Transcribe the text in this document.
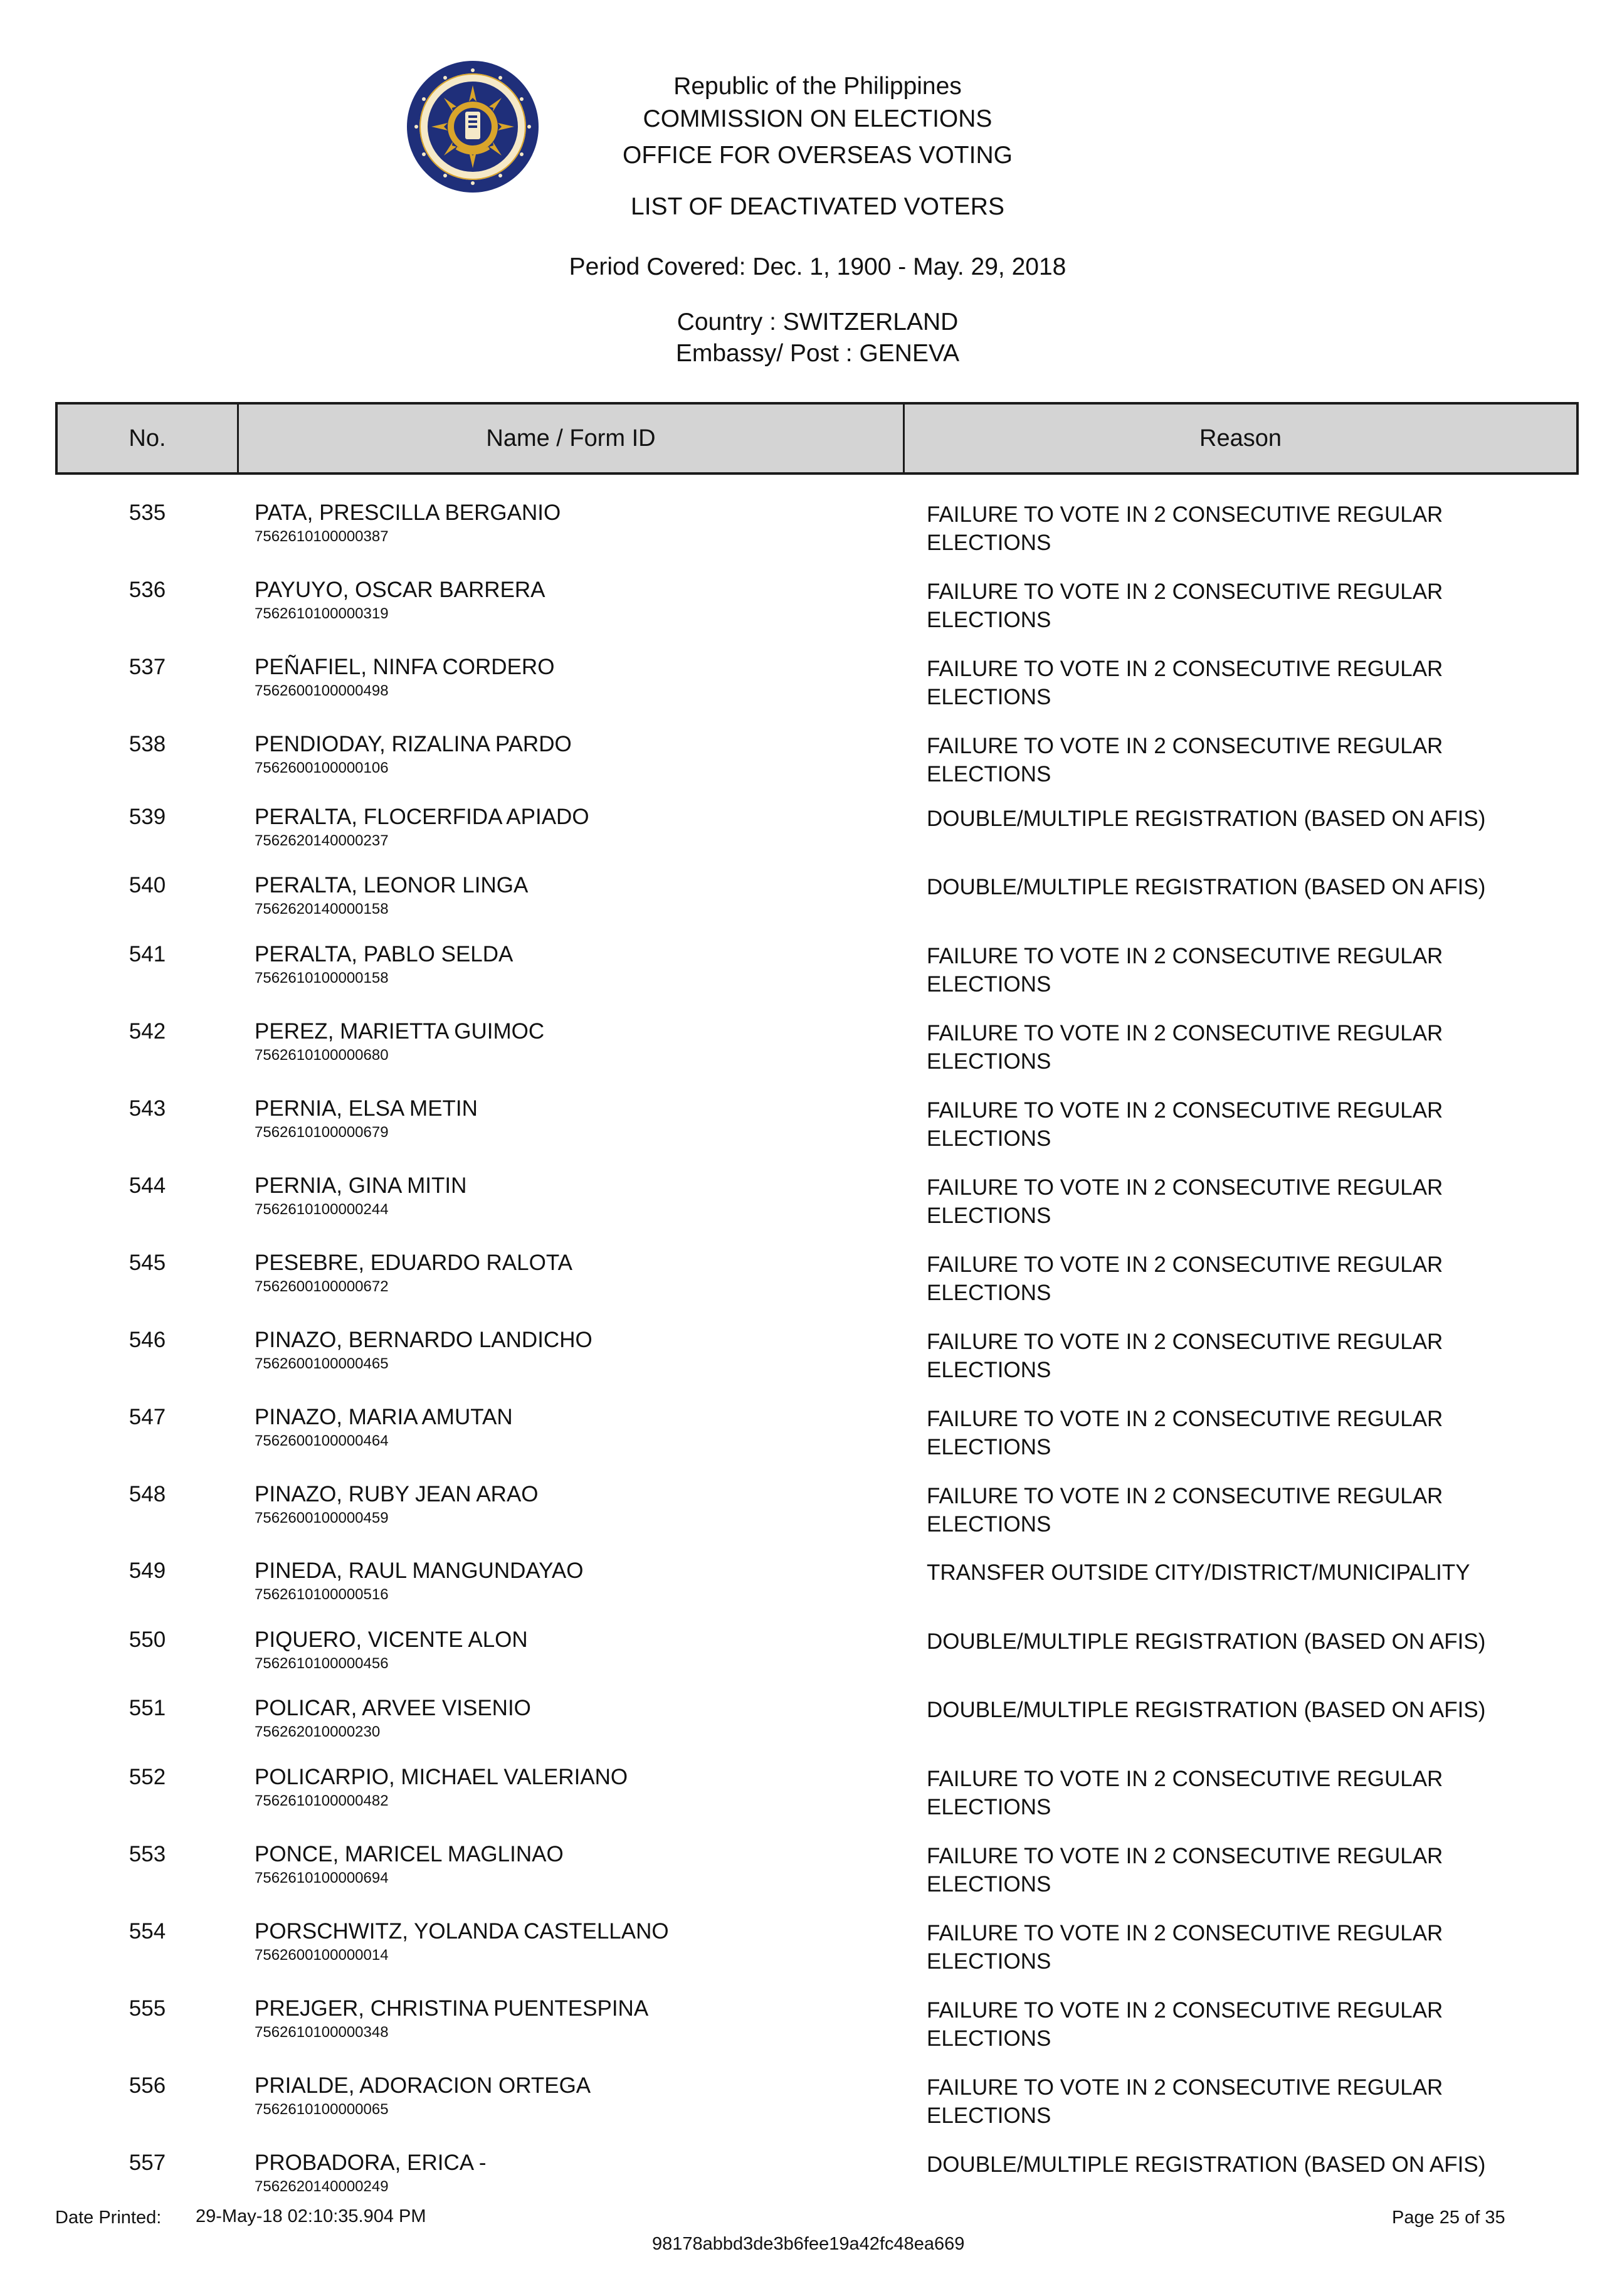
Republic of the Philippines

COMMISSION ON ELECTIONS

OFFICE FOR OVERSEAS VOTING

LIST OF DEACTIVATED VOTERS

Period Covered: Dec. 1, 1900 - May. 29, 2018

Country : SWITZERLAND

Embassy/ Post : GENEVA

No.	Name / Form ID	Reason
535	PATA, PRESCILLA BERGANIO
7562610100000387
FAILURE TO VOTE IN 2 CONSECUTIVE REGULAR
ELECTIONS
536	PAYUYO, OSCAR BARRERA
7562610100000319
FAILURE TO VOTE IN 2 CONSECUTIVE REGULAR
ELECTIONS
537	PEÑAFIEL, NINFA CORDERO
7562600100000498
FAILURE TO VOTE IN 2 CONSECUTIVE REGULAR
ELECTIONS
538	PENDIODAY, RIZALINA PARDO
7562600100000106
FAILURE TO VOTE IN 2 CONSECUTIVE REGULAR
ELECTIONS
539	PERALTA, FLOCERFIDA APIADO
7562620140000237
DOUBLE/MULTIPLE REGISTRATION (BASED ON AFIS)
540	PERALTA, LEONOR LINGA
7562620140000158
DOUBLE/MULTIPLE REGISTRATION (BASED ON AFIS)
541	PERALTA, PABLO SELDA
7562610100000158
FAILURE TO VOTE IN 2 CONSECUTIVE REGULAR
ELECTIONS
542	PEREZ, MARIETTA GUIMOC
7562610100000680
FAILURE TO VOTE IN 2 CONSECUTIVE REGULAR
ELECTIONS
543	PERNIA, ELSA METIN
7562610100000679
FAILURE TO VOTE IN 2 CONSECUTIVE REGULAR
ELECTIONS
544	PERNIA, GINA MITIN
7562610100000244
FAILURE TO VOTE IN 2 CONSECUTIVE REGULAR
ELECTIONS
545	PESEBRE, EDUARDO RALOTA
7562600100000672
FAILURE TO VOTE IN 2 CONSECUTIVE REGULAR
ELECTIONS
546	PINAZO, BERNARDO LANDICHO
7562600100000465
FAILURE TO VOTE IN 2 CONSECUTIVE REGULAR
ELECTIONS
547	PINAZO, MARIA AMUTAN
7562600100000464
FAILURE TO VOTE IN 2 CONSECUTIVE REGULAR
ELECTIONS
548	PINAZO, RUBY JEAN ARAO
7562600100000459
FAILURE TO VOTE IN 2 CONSECUTIVE REGULAR
ELECTIONS
549	PINEDA, RAUL MANGUNDAYAO
7562610100000516
TRANSFER OUTSIDE CITY/DISTRICT/MUNICIPALITY
550	PIQUERO, VICENTE ALON
7562610100000456
DOUBLE/MULTIPLE REGISTRATION (BASED ON AFIS)
551	POLICAR, ARVEE VISENIO
756262010000230
DOUBLE/MULTIPLE REGISTRATION (BASED ON AFIS)
552	POLICARPIO, MICHAEL VALERIANO
7562610100000482
FAILURE TO VOTE IN 2 CONSECUTIVE REGULAR
ELECTIONS
553	PONCE, MARICEL MAGLINAO
7562610100000694
FAILURE TO VOTE IN 2 CONSECUTIVE REGULAR
ELECTIONS
554	PORSCHWITZ, YOLANDA CASTELLANO
7562600100000014
FAILURE TO VOTE IN 2 CONSECUTIVE REGULAR
ELECTIONS
555	PREJGER, CHRISTINA PUENTESPINA
7562610100000348
FAILURE TO VOTE IN 2 CONSECUTIVE REGULAR
ELECTIONS
556	PRIALDE, ADORACION ORTEGA
7562610100000065
FAILURE TO VOTE IN 2 CONSECUTIVE REGULAR
ELECTIONS
557	PROBADORA, ERICA -
7562620140000249
DOUBLE/MULTIPLE REGISTRATION (BASED ON AFIS)
Date Printed: 29-May-18 02:10:35.904 PM
98178abbd3de3b6fee19a42fc48ea669
Page 25 of 35
